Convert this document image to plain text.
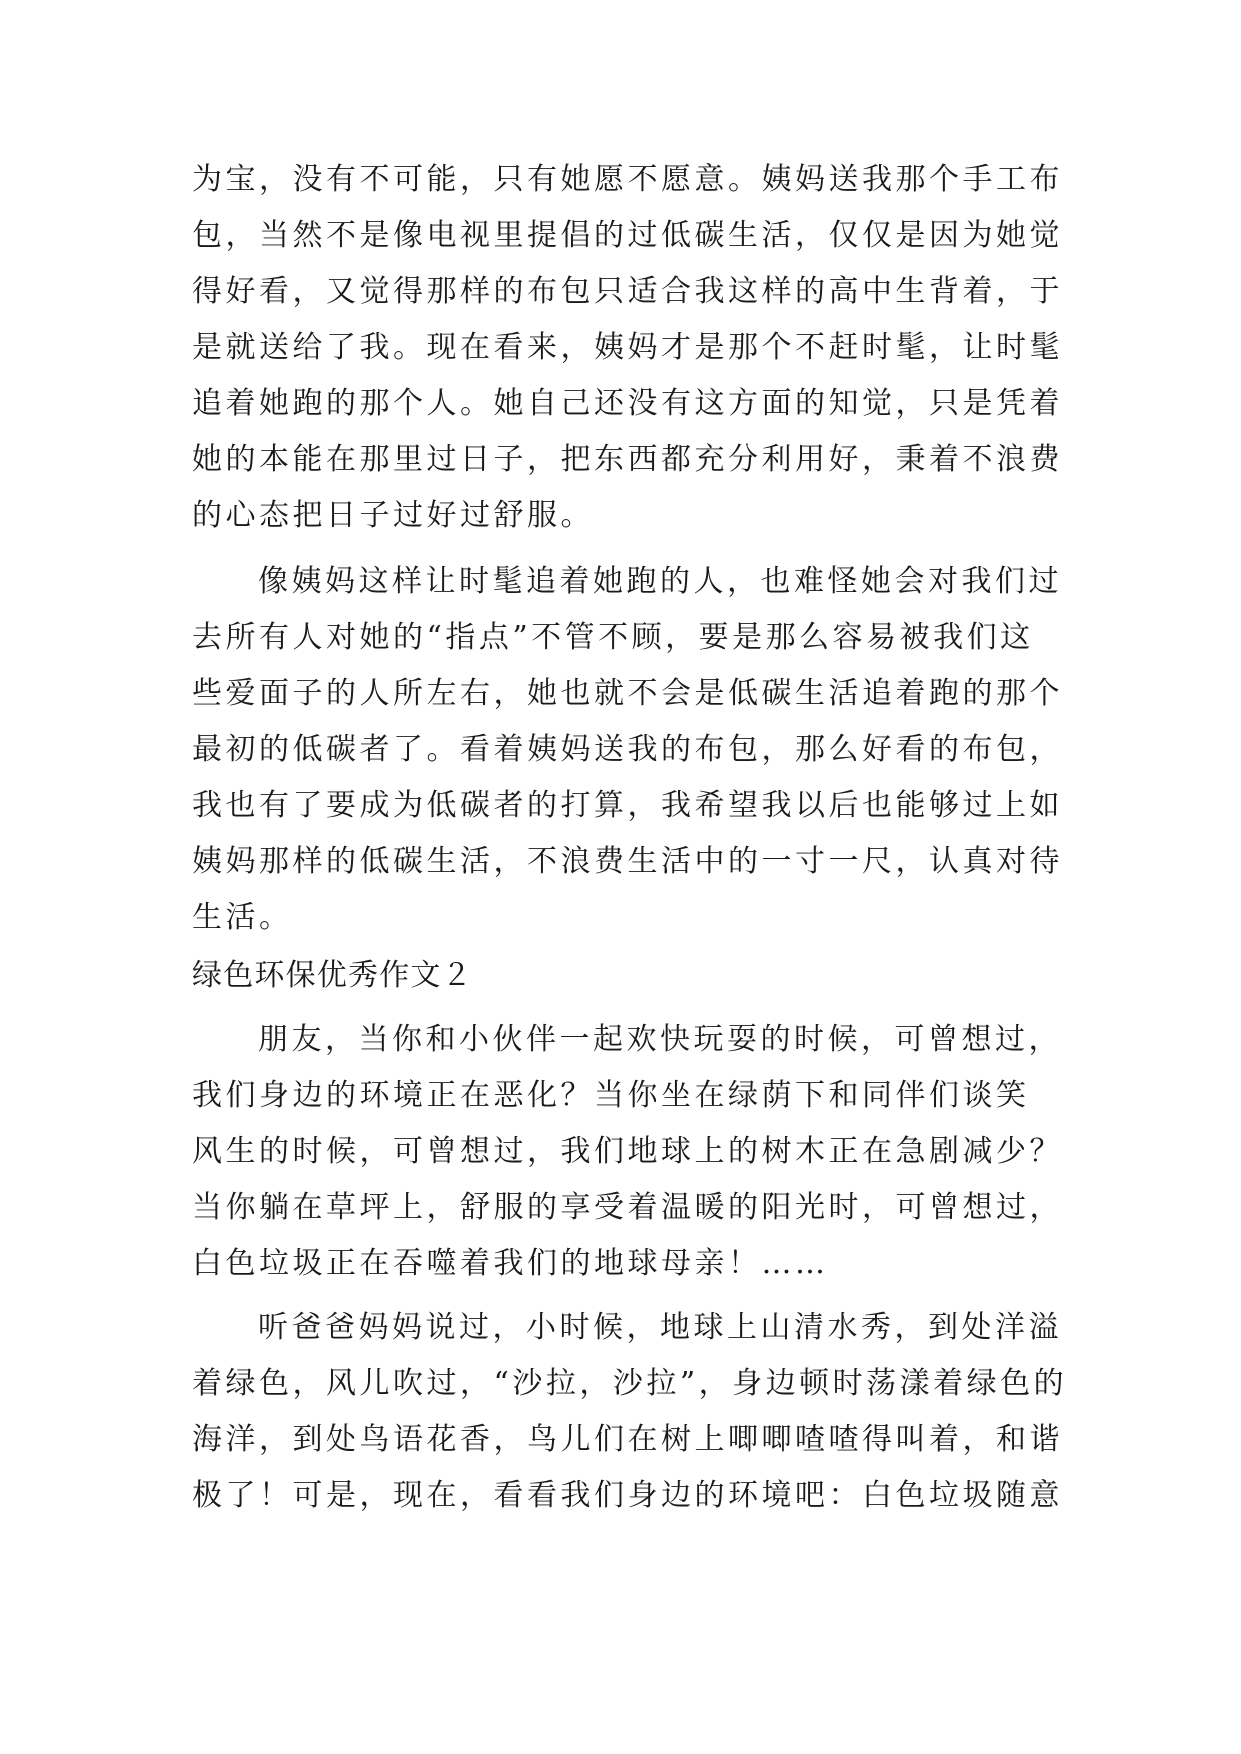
为宝，没有不可能，只有她愿不愿意。姨妈送我那个手工布
包，当然不是像电视里提倡的过低碳生活，仅仅是因为她觉
得好看，又觉得那样的布包只适合我这样的高中生背着，于
是就送给了我。现在看来，姨妈才是那个不赶时髦，让时髦
追着她跑的那个人。她自己还没有这方面的知觉，只是凭着
她的本能在那里过日子，把东西都充分利用好，秉着不浪费
的心态把日子过好过舒服。
像姨妈这样让时髦追着她跑的人，也难怪她会对我们过
去所有人对她的“指点”不管不顾，要是那么容易被我们这
些爱面子的人所左右，她也就不会是低碳生活追着跑的那个
最初的低碳者了。看着姨妈送我的布包，那么好看的布包，
我也有了要成为低碳者的打算，我希望我以后也能够过上如
姨妈那样的低碳生活，不浪费生活中的一寸一尺，认真对待
生活。
绿色环保优秀作文２
朋友，当你和小伙伴一起欢快玩耍的时候，可曾想过，
我们身边的环境正在恶化？当你坐在绿荫下和同伴们谈笑
风生的时候，可曾想过，我们地球上的树木正在急剧减少？
当你躺在草坪上，舒服的享受着温暖的阳光时，可曾想过，
白色垃圾正在吞噬着我们的地球母亲！……
听爸爸妈妈说过，小时候，地球上山清水秀，到处洋溢
着绿色，风儿吹过，“沙拉，沙拉”，身边顿时荡漾着绿色的
海洋，到处鸟语花香，鸟儿们在树上唧唧喳喳得叫着，和谐
极了！可是，现在，看看我们身边的环境吧：白色垃圾随意
